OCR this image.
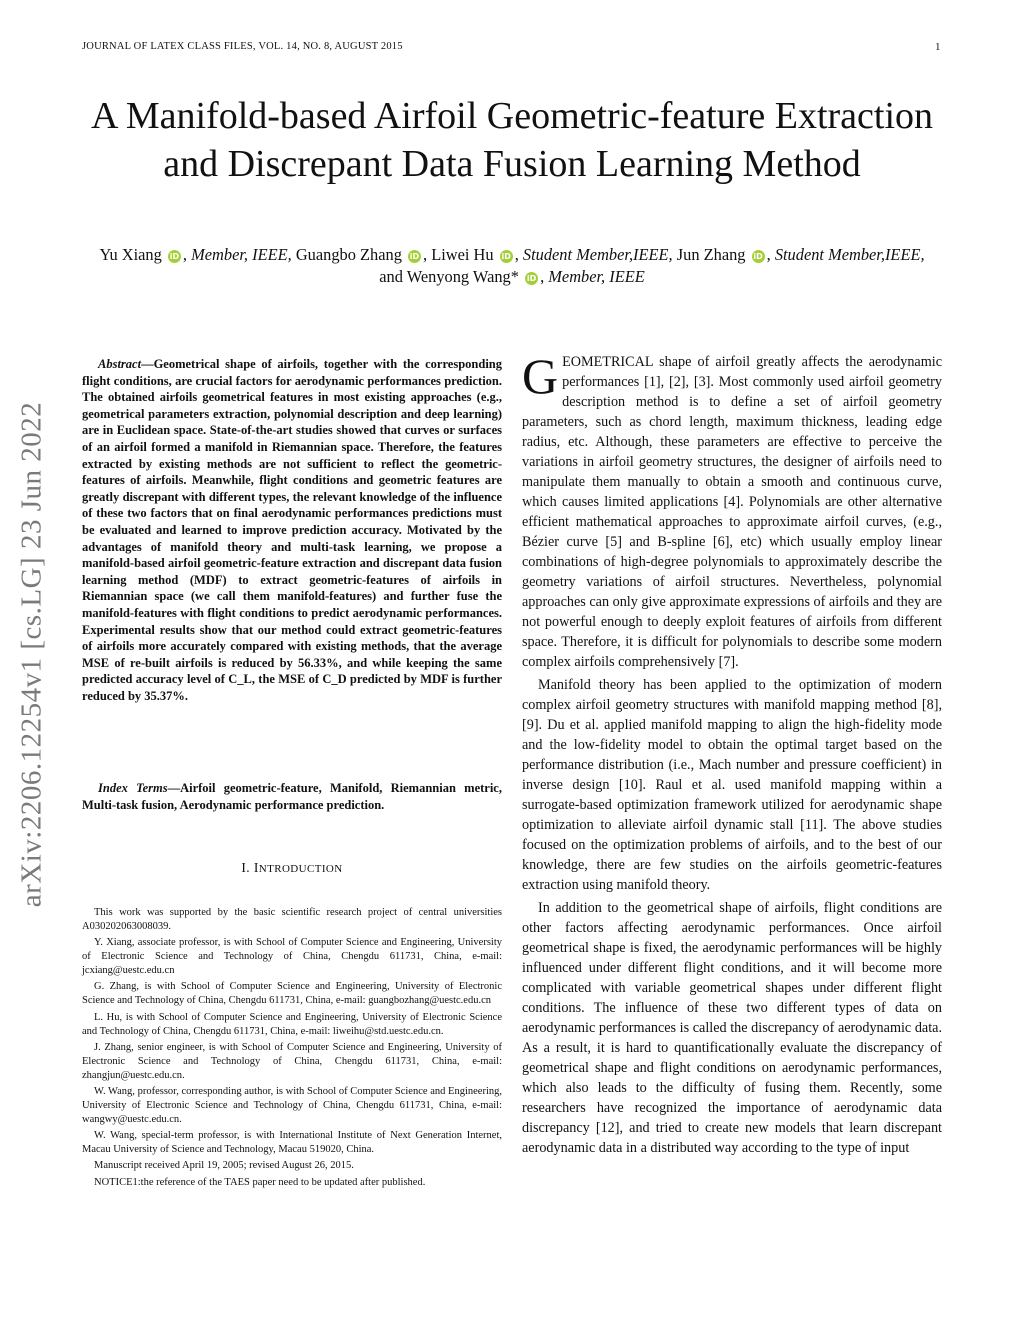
JOURNAL OF LATEX CLASS FILES, VOL. 14, NO. 8, AUGUST 2015	1
A Manifold-based Airfoil Geometric-feature Extraction and Discrepant Data Fusion Learning Method
Yu Xiang iD , Member, IEEE, Guangbo Zhang iD , Liwei Hu iD , Student Member,IEEE, Jun Zhang iD , Student Member,IEEE, and Wenyong Wang* iD , Member, IEEE
arXiv:2206.12254v1 [cs.LG] 23 Jun 2022

Abstract—Geometrical shape of airfoils, together with the corresponding flight conditions, are crucial factors for aerodynamic performances prediction. The obtained airfoils geometrical features in most existing approaches (e.g., geometrical parameters extraction, polynomial description and deep learning) are in Euclidean space. State-of-the-art studies showed that curves or surfaces of an airfoil formed a manifold in Riemannian space. Therefore, the features extracted by existing methods are not sufficient to reflect the geometric-features of airfoils. Meanwhile, flight conditions and geometric features are greatly discrepant with different types, the relevant knowledge of the influence of these two factors that on final aerodynamic performances predictions must be evaluated and learned to improve prediction accuracy. Motivated by the advantages of manifold theory and multi-task learning, we propose a manifold-based airfoil geometric-feature extraction and discrepant data fusion learning method (MDF) to extract geometric-features of airfoils in Riemannian space (we call them manifold-features) and further fuse the manifold-features with flight conditions to predict aerodynamic performances. Experimental results show that our method could extract geometric-features of airfoils more accurately compared with existing methods, that the average MSE of re-built airfoils is reduced by 56.33%, and while keeping the same predicted accuracy level of C_L, the MSE of C_D predicted by MDF is further reduced by 35.37%.

Index Terms—Airfoil geometric-feature, Manifold, Riemannian metric, Multi-task fusion, Aerodynamic performance prediction.

I. INTRODUCTION

This work was supported by the basic scientific research project of central universities A030202063008039.

Y. Xiang, associate professor, is with School of Computer Science and Engineering, University of Electronic Science and Technology of China, Chengdu 611731, China, e-mail: jcxiang@uestc.edu.cn

G. Zhang, is with School of Computer Science and Engineering, University of Electronic Science and Technology of China, Chengdu 611731, China, e-mail: guangbozhang@uestc.edu.cn

L. Hu, is with School of Computer Science and Engineering, University of Electronic Science and Technology of China, Chengdu 611731, China, e-mail: liweihu@std.uestc.edu.cn.

J. Zhang, senior engineer, is with School of Computer Science and Engineering, University of Electronic Science and Technology of China, Chengdu 611731, China, e-mail: zhangjun@uestc.edu.cn.

W. Wang, professor, corresponding author, is with School of Computer Science and Engineering, University of Electronic Science and Technology of China, Chengdu 611731, China, e-mail: wangwy@uestc.edu.cn.

W. Wang, special-term professor, is with International Institute of Next Generation Internet, Macau University of Science and Technology, Macau 519020, China.

Manuscript received April 19, 2005; revised August 26, 2015.

NOTICE1:the reference of the TAES paper need to be updated after published.

GEOMETRICAL shape of airfoil greatly affects the aerodynamic performances [1], [2], [3]. Most commonly used airfoil geometry description method is to define a set of airfoil geometry parameters, such as chord length, maximum thickness, leading edge radius, etc. Although, these parameters are effective to perceive the variations in airfoil geometry structures, the designer of airfoils need to manipulate them manually to obtain a smooth and continuous curve, which causes limited applications [4]. Polynomials are other alternative efficient mathematical approaches to approximate airfoil curves, (e.g., Bézier curve [5] and B-spline [6], etc) which usually employ linear combinations of high-degree polynomials to approximately describe the geometry variations of airfoil structures. Nevertheless, polynomial approaches can only give approximate expressions of airfoils and they are not powerful enough to deeply exploit features of airfoils from different space. Therefore, it is difficult for polynomials to describe some modern complex airfoils comprehensively [7].

Manifold theory has been applied to the optimization of modern complex airfoil geometry structures with manifold mapping method [8], [9]. Du et al. applied manifold mapping to align the high-fidelity mode and the low-fidelity model to obtain the optimal target based on the performance distribution (i.e., Mach number and pressure coefficient) in inverse design [10]. Raul et al. used manifold mapping within a surrogate-based optimization framework utilized for aerodynamic shape optimization to alleviate airfoil dynamic stall [11]. The above studies focused on the optimization problems of airfoils, and to the best of our knowledge, there are few studies on the airfoils geometric-features extraction using manifold theory.

In addition to the geometrical shape of airfoils, flight conditions are other factors affecting aerodynamic performances. Once airfoil geometrical shape is fixed, the aerodynamic performances will be highly influenced under different flight conditions, and it will become more complicated with variable geometrical shapes under different flight conditions. The influence of these two different types of data on aerodynamic performances is called the discrepancy of aerodynamic data. As a result, it is hard to quantificationally evaluate the discrepancy of geometrical shape and flight conditions on aerodynamic performances, which also leads to the difficulty of fusing them. Recently, some researchers have recognized the importance of aerodynamic data discrepancy [12], and tried to create new models that learn discrepant aerodynamic data in a distributed way according to the type of input
